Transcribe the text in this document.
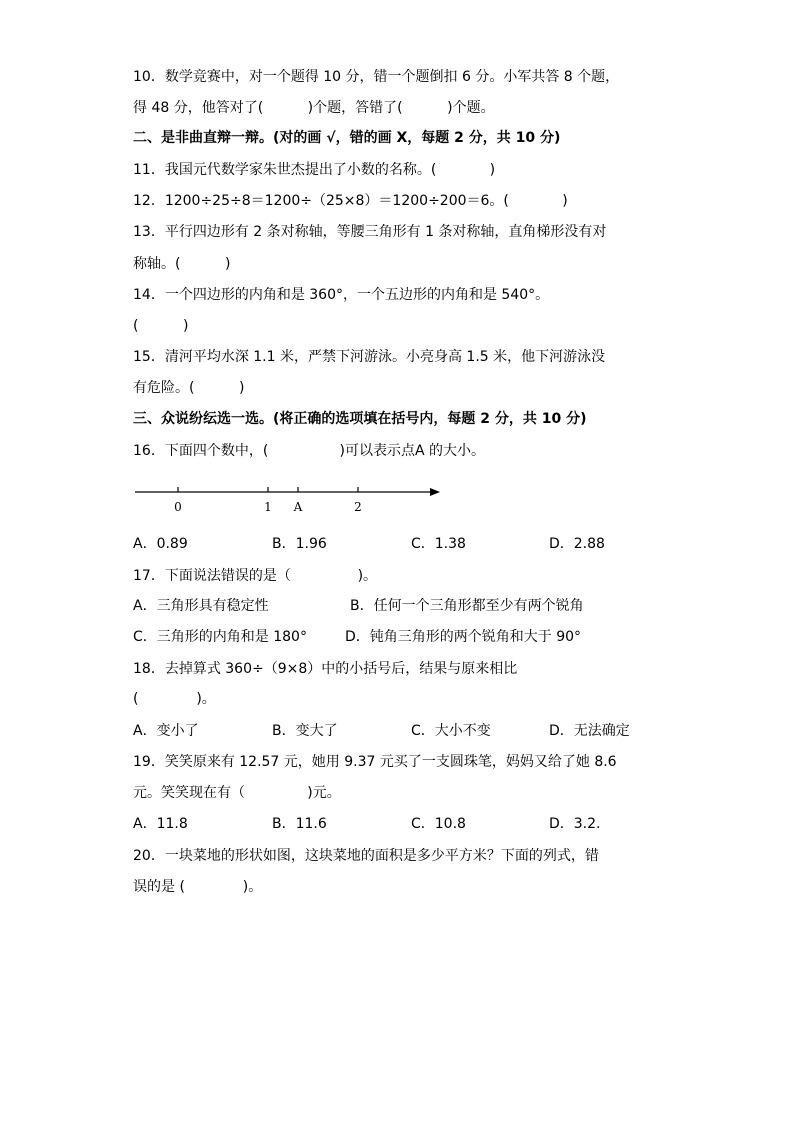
10．数学竞赛中，对一个题得 10 分，错一个题倒扣 6 分。小军共答 8 个题，
得 48 分，他答对了(          )个题，答错了(          )个题。
二、是非曲直辩一辩。(对的画 √，错的画 X，每题 2 分，共 10 分)
11．我国元代数学家朱世杰提出了小数的名称。(            )
12．1200÷25÷8＝1200÷（25×8）＝1200÷200＝6。(            )
13．平行四边形有 2 条对称轴，等腰三角形有 1 条对称轴，直角梯形没有对
称轴。(          )
14．一个四边形的内角和是 360°，一个五边形的内角和是 540°。
(          )
15．清河平均水深 1.1 米，严禁下河游泳。小亮身高 1.5 米，他下河游泳没
有危险。(          )
三、众说纷纭选一选。(将正确的选项填在括号内，每题 2 分，共 10 分)
16．下面四个数中，(                )可以表示点A 的大小。
0	1 A	2
A．0.89	B．1.96	C．1.38	D．2.88
17．下面说法错误的是（               )。
A．三角形具有稳定性	B．任何一个三角形都至少有两个锐角
C．三角形的内角和是 180°	D．钝角三角形的两个锐角和大于 90°
18．去掉算式 360÷（9×8）中的小括号后，结果与原来相比
(             )。
A．变小了	B．变大了	C．大小不变	D．无法确定
19．笑笑原来有 12.57 元，她用 9.37 元买了一支圆珠笔，妈妈又给了她 8.6
元。笑笑现在有（              )元。
A．11.8	B．11.6	C．10.8	D．3.2.
20．一块菜地的形状如图，这块菜地的面积是多少平方米？下面的列式，错
误的是 (             )。
